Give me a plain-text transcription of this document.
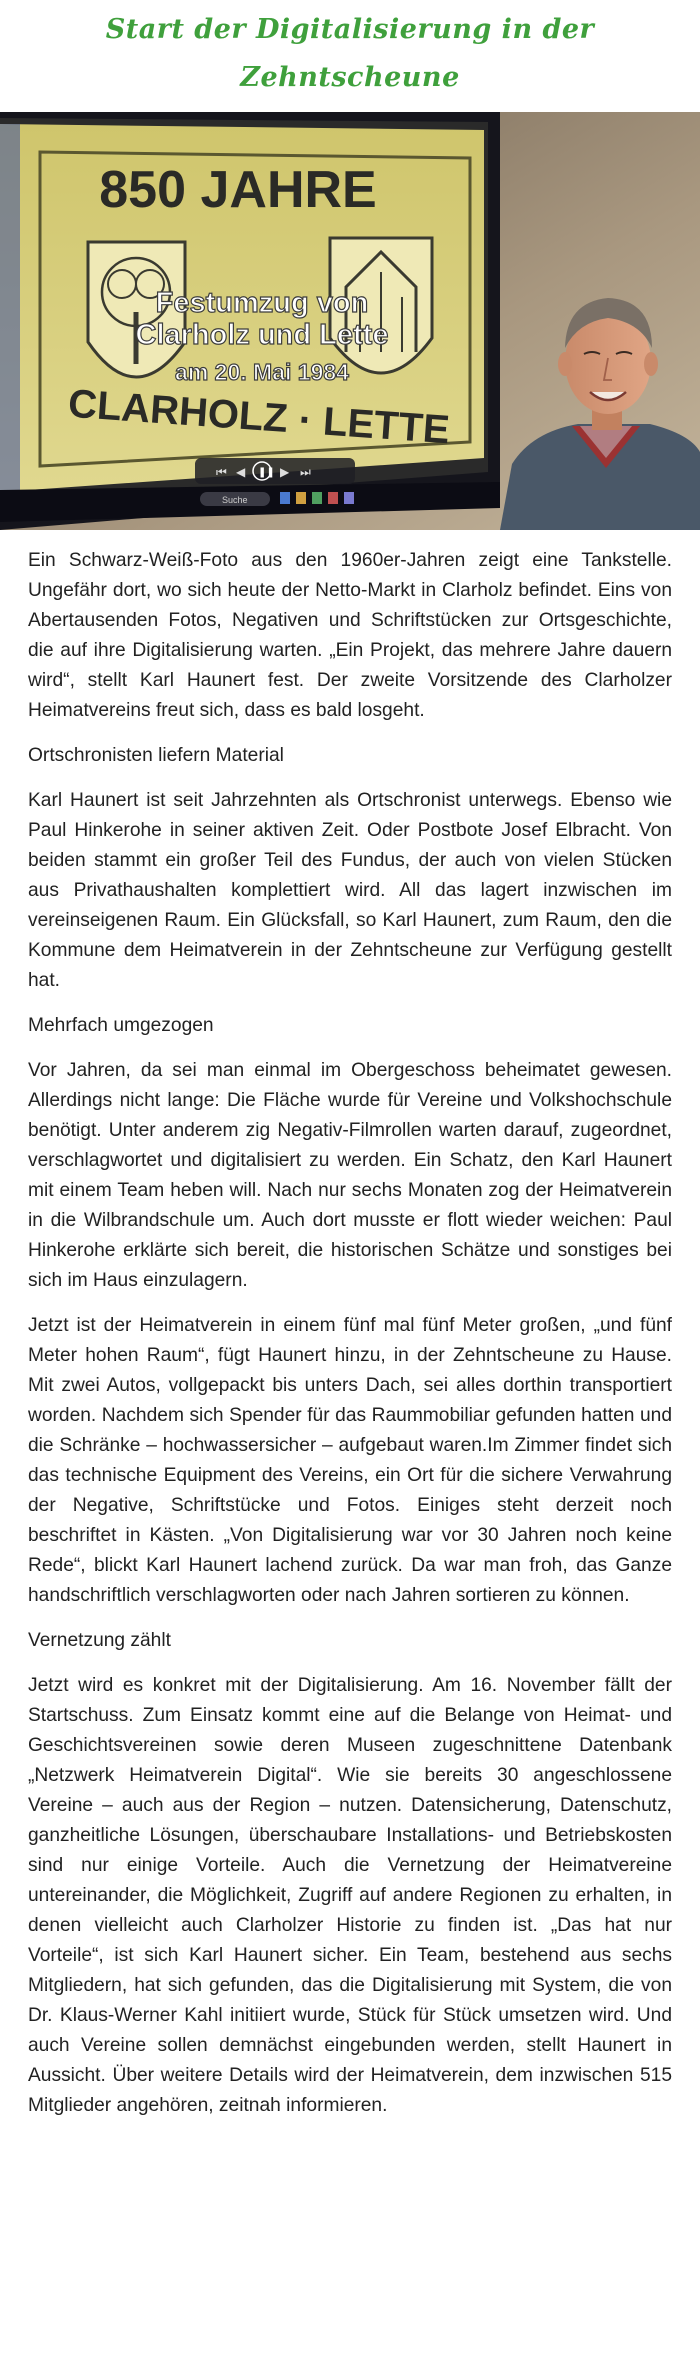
Start der Digitalisierung in der Zehntscheune

850 JAHRE
Festumzug von
Clarholz und Lette
am 20. Mai 1984
CLARHOLZ · LETTE
⏮ ◀ ❚❚ ▶ ⏭
Suche

Ein Schwarz-Weiß-Foto aus den 1960er-Jahren zeigt eine Tankstelle. Ungefähr dort, wo sich heute der Netto-Markt in Clarholz befindet. Eins von Abertausenden Fotos, Negativen und Schriftstücken zur Ortsgeschichte, die auf ihre Digitalisierung warten. „Ein Projekt, das mehrere Jahre dauern wird“, stellt Karl Haunert fest. Der zweite Vorsitzende des Clarholzer Heimatvereins freut sich, dass es bald losgeht.

Ortschronisten liefern Material

Karl Haunert ist seit Jahrzehnten als Ortschronist unterwegs. Ebenso wie Paul Hinkerohe in seiner aktiven Zeit. Oder Postbote Josef Elbracht. Von beiden stammt ein großer Teil des Fundus, der auch von vielen Stücken aus Privathaushalten komplettiert wird. All das lagert inzwischen im vereinseigenen Raum. Ein Glücksfall, so Karl Haunert, zum Raum, den die Kommune dem Heimatverein in der Zehntscheune zur Verfügung gestellt hat.

Mehrfach umgezogen

Vor Jahren, da sei man einmal im Obergeschoss beheimatet gewesen. Allerdings nicht lange: Die Fläche wurde für Vereine und Volkshochschule benötigt. Unter anderem zig Negativ-Filmrollen warten darauf, zugeordnet, verschlagwortet und digitalisiert zu werden. Ein Schatz, den Karl Haunert mit einem Team heben will. Nach nur sechs Monaten zog der Heimatverein in die Wilbrandschule um. Auch dort musste er flott wieder weichen: Paul Hinkerohe erklärte sich bereit, die historischen Schätze und sonstiges bei sich im Haus einzulagern.

Jetzt ist der Heimatverein in einem fünf mal fünf Meter großen, „und fünf Meter hohen Raum“, fügt Haunert hinzu, in der Zehntscheune zu Hause. Mit zwei Autos, vollgepackt bis unters Dach, sei alles dorthin transportiert worden. Nachdem sich Spender für das Raummobiliar gefunden hatten und die Schränke – hochwassersicher – aufgebaut waren.Im Zimmer findet sich das technische Equipment des Vereins, ein Ort für die sichere Verwahrung der Negative, Schriftstücke und Fotos. Einiges steht derzeit noch beschriftet in Kästen. „Von Digitalisierung war vor 30 Jahren noch keine Rede“, blickt Karl Haunert lachend zurück. Da war man froh, das Ganze handschriftlich verschlagworten oder nach Jahren sortieren zu können.

Vernetzung zählt

Jetzt wird es konkret mit der Digitalisierung. Am 16. November fällt der Startschuss. Zum Einsatz kommt eine auf die Belange von Heimat- und Geschichtsvereinen sowie deren Museen zugeschnittene Datenbank „Netzwerk Heimatverein Digital“. Wie sie bereits 30 angeschlossene Vereine – auch aus der Region – nutzen. Datensicherung, Datenschutz, ganzheitliche Lösungen, überschaubare Installations- und Betriebskosten sind nur einige Vorteile. Auch die Vernetzung der Heimatvereine untereinander, die Möglichkeit, Zugriff auf andere Regionen zu erhalten, in denen vielleicht auch Clarholzer Historie zu finden ist. „Das hat nur Vorteile“, ist sich Karl Haunert sicher. Ein Team, bestehend aus sechs Mitgliedern, hat sich gefunden, das die Digitalisierung mit System, die von Dr. Klaus-Werner Kahl initiiert wurde, Stück für Stück umsetzen wird. Und auch Vereine sollen demnächst eingebunden werden, stellt Haunert in Aussicht. Über weitere Details wird der Heimatverein, dem inzwischen 515 Mitglieder angehören, zeitnah informieren.
